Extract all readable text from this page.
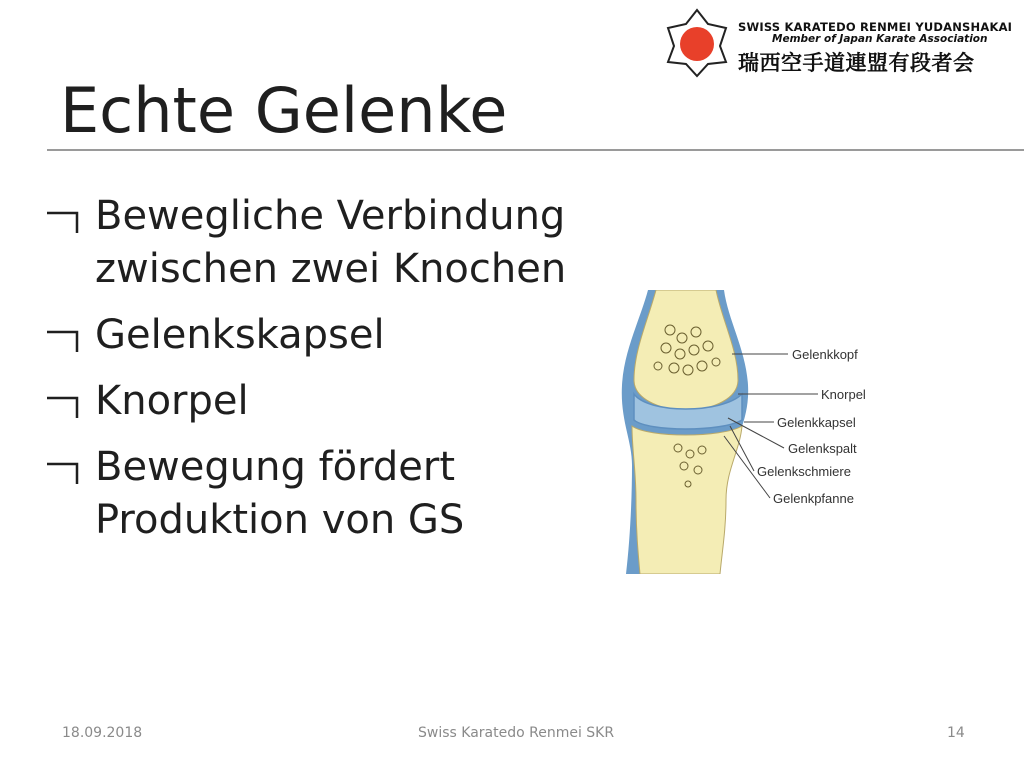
SWISS KARATEDO RENMEI YUDANSHAKAI
Member of Japan Karate Association
瑞西空手道連盟有段者会
Echte Gelenke
Bewegliche Verbindung zwischen zwei Knochen
Gelenkskapsel
Knorpel
Bewegung fördert Produktion von GS
Gelenkkopf
Knorpel
Gelenkkapsel
Gelenkspalt
Gelenkschmiere
Gelenkpfanne
18.09.2018	Swiss Karatedo Renmei SKR	14
